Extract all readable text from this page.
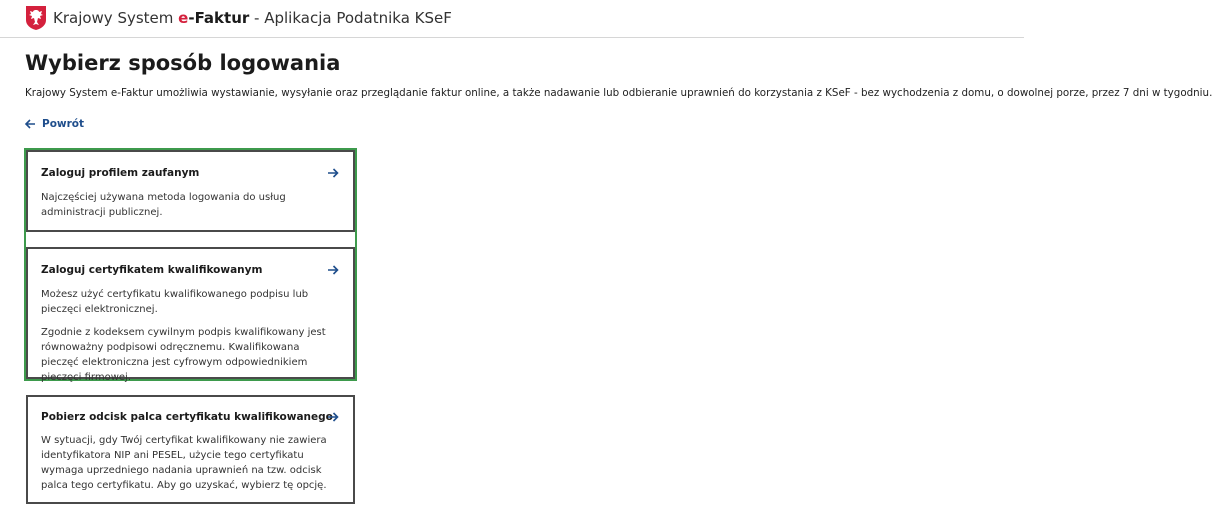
Krajowy System e-Faktur - Aplikacja Podatnika KSeF
Wybierz sposób logowania
Krajowy System e-Faktur umożliwia wystawianie, wysyłanie oraz przeglądanie faktur online, a także nadawanie lub odbieranie uprawnień do korzystania z KSeF - bez wychodzenia z domu, o dowolnej porze, przez 7 dni w tygodniu.
Powrót
Zaloguj profilem zaufanym

Najczęściej używana metoda logowania do usług administracji publicznej.

Zaloguj certyfikatem kwalifikowanym

Możesz użyć certyfikatu kwalifikowanego podpisu lub pieczęci elektronicznej.

Zgodnie z kodeksem cywilnym podpis kwalifikowany jest równoważny podpisowi odręcznemu. Kwalifikowana pieczęć elektroniczna jest cyfrowym odpowiednikiem pieczęci firmowej.

Pobierz odcisk palca certyfikatu kwalifikowanego

W sytuacji, gdy Twój certyfikat kwalifikowany nie zawiera identyfikatora NIP ani PESEL, użycie tego certyfikatu wymaga uprzedniego nadania uprawnień na tzw. odcisk palca tego certyfikatu. Aby go uzyskać, wybierz tę opcję.
